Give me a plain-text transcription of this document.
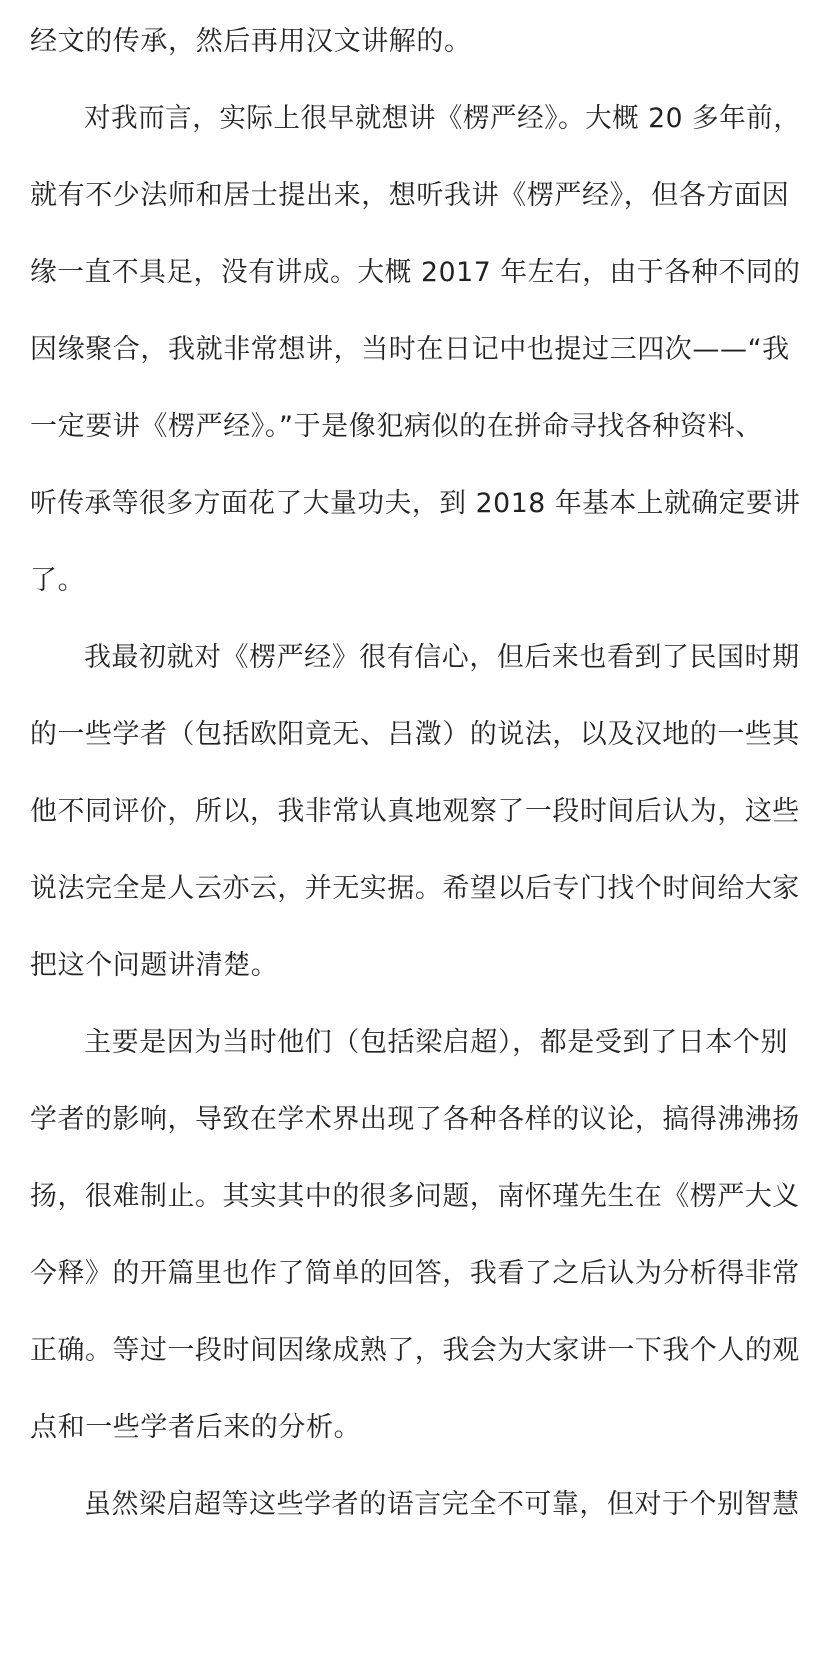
经文的传承，然后再用汉文讲解的。
对我而言，实际上很早就想讲《楞严经》。大概 20 多年前，
就有不少法师和居士提出来，想听我讲《楞严经》，但各方面因
缘一直不具足，没有讲成。大概 2017 年左右，由于各种不同的
因缘聚合，我就非常想讲，当时在日记中也提过三四次——“我
一定要讲《楞严经》。”于是像犯病似的在拼命寻找各种资料、
听传承等很多方面花了大量功夫，到 2018 年基本上就确定要讲
了。
我最初就对《楞严经》很有信心，但后来也看到了民国时期
的一些学者（包括欧阳竟无、吕澂）的说法，以及汉地的一些其
他不同评价，所以，我非常认真地观察了一段时间后认为，这些
说法完全是人云亦云，并无实据。希望以后专门找个时间给大家
把这个问题讲清楚。
主要是因为当时他们（包括梁启超），都是受到了日本个别
学者的影响，导致在学术界出现了各种各样的议论，搞得沸沸扬
扬，很难制止。其实其中的很多问题，南怀瑾先生在《楞严大义
今释》的开篇里也作了简单的回答，我看了之后认为分析得非常
正确。等过一段时间因缘成熟了，我会为大家讲一下我个人的观
点和一些学者后来的分析。
虽然梁启超等这些学者的语言完全不可靠，但对于个别智慧
